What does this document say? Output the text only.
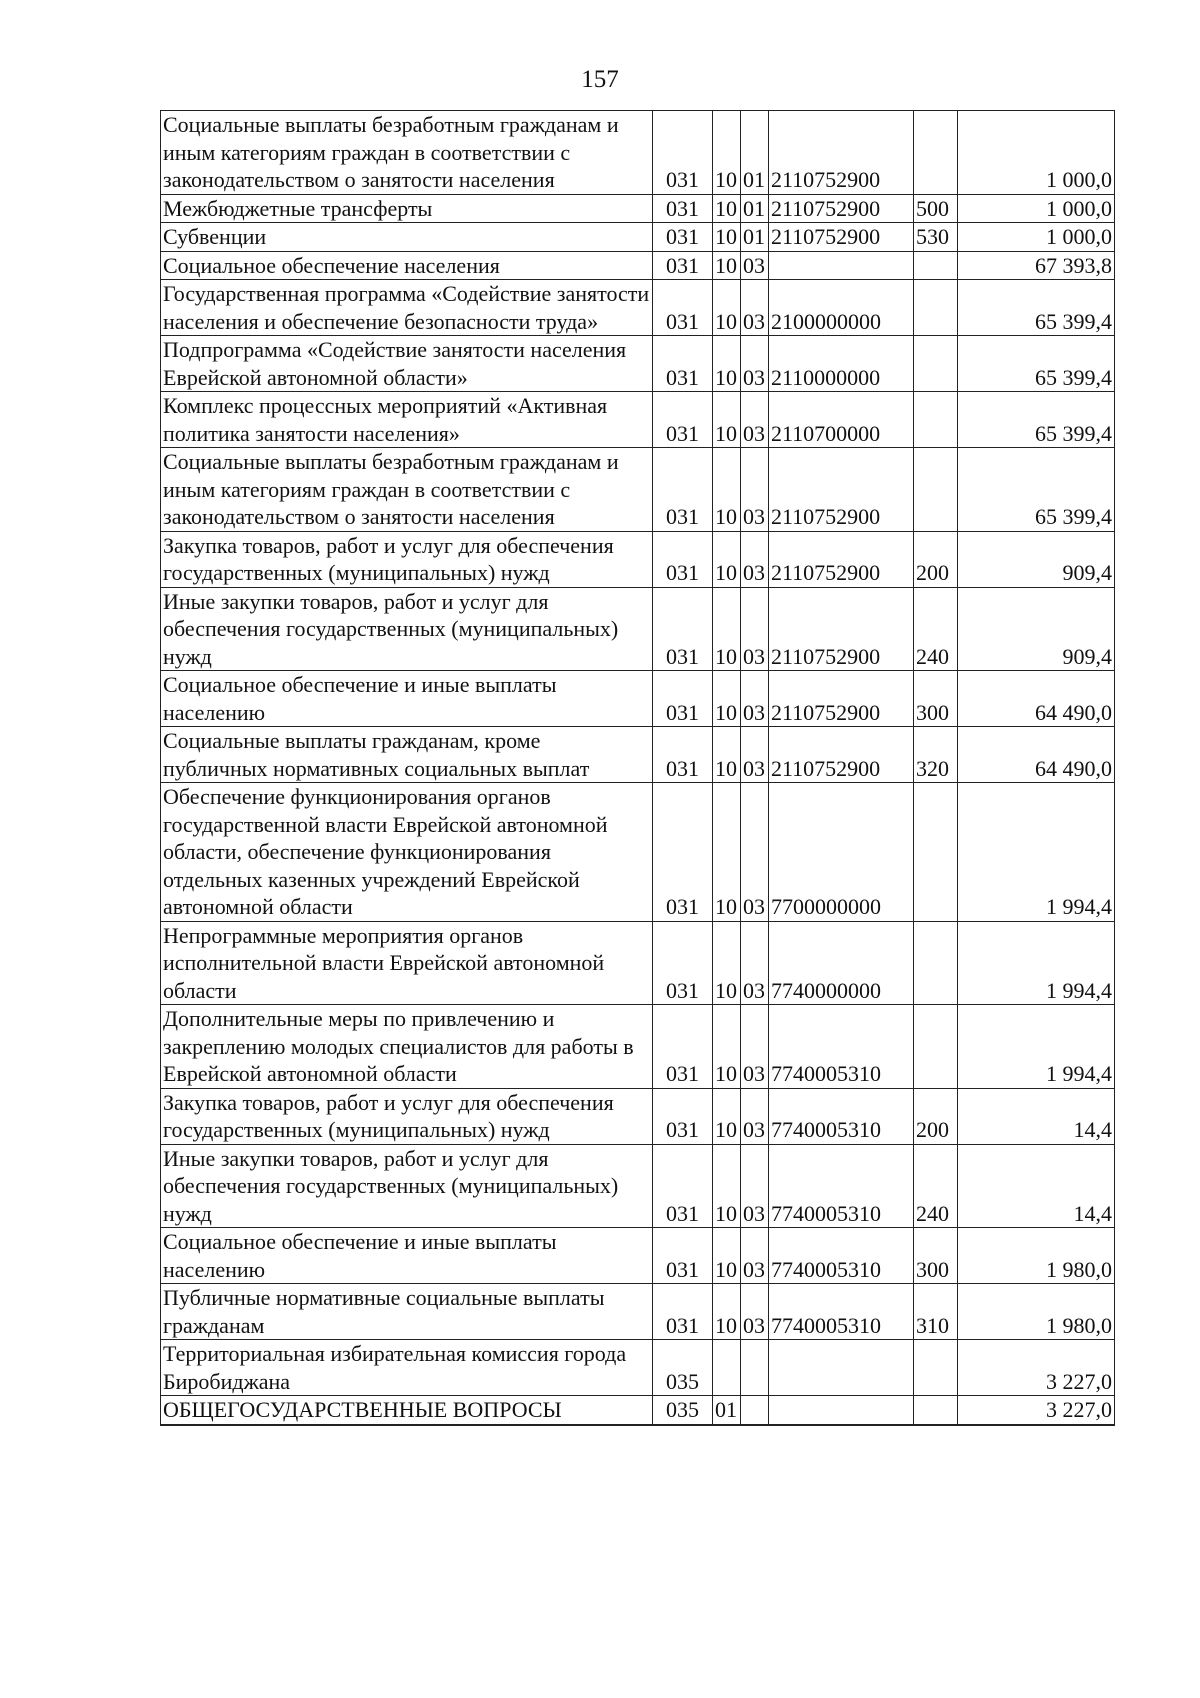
157
Социальные выплаты безработным гражданам и иным категориям граждан в соответствии с законодательством о занятости населения	031	10	01	2110752900		1 000,0
Межбюджетные трансферты	031	10	01	2110752900	500	1 000,0
Субвенции	031	10	01	2110752900	530	1 000,0
Социальное обеспечение населения	031	10	03			67 393,8
Государственная программа «Содействие занятости населения и обеспечение безопасности труда»	031	10	03	2100000000		65 399,4
Подпрограмма «Содействие занятости населения Еврейской автономной области»	031	10	03	2110000000		65 399,4
Комплекс процессных мероприятий «Активная политика занятости населения»	031	10	03	2110700000		65 399,4
Социальные выплаты безработным гражданам и иным категориям граждан в соответствии с законодательством о занятости населения	031	10	03	2110752900		65 399,4
Закупка товаров, работ и услуг для обеспечения государственных (муниципальных) нужд	031	10	03	2110752900	200	909,4
Иные закупки товаров, работ и услуг для обеспечения государственных (муниципальных) нужд	031	10	03	2110752900	240	909,4
Социальное обеспечение и иные выплаты населению	031	10	03	2110752900	300	64 490,0
Социальные выплаты гражданам, кроме публичных нормативных социальных выплат	031	10	03	2110752900	320	64 490,0
Обеспечение функционирования органов государственной власти Еврейской автономной области, обеспечение функционирования отдельных казенных учреждений Еврейской автономной области	031	10	03	7700000000		1 994,4
Непрограммные мероприятия органов исполнительной власти Еврейской автономной области	031	10	03	7740000000		1 994,4
Дополнительные меры по привлечению и закреплению молодых специалистов для работы в Еврейской автономной области	031	10	03	7740005310		1 994,4
Закупка товаров, работ и услуг для обеспечения государственных (муниципальных) нужд	031	10	03	7740005310	200	14,4
Иные закупки товаров, работ и услуг для обеспечения государственных (муниципальных) нужд	031	10	03	7740005310	240	14,4
Социальное обеспечение и иные выплаты населению	031	10	03	7740005310	300	1 980,0
Публичные нормативные социальные выплаты гражданам	031	10	03	7740005310	310	1 980,0
Территориальная избирательная комиссия города Биробиджана	035					3 227,0
ОБЩЕГОСУДАРСТВЕННЫЕ ВОПРОСЫ	035	01				3 227,0
